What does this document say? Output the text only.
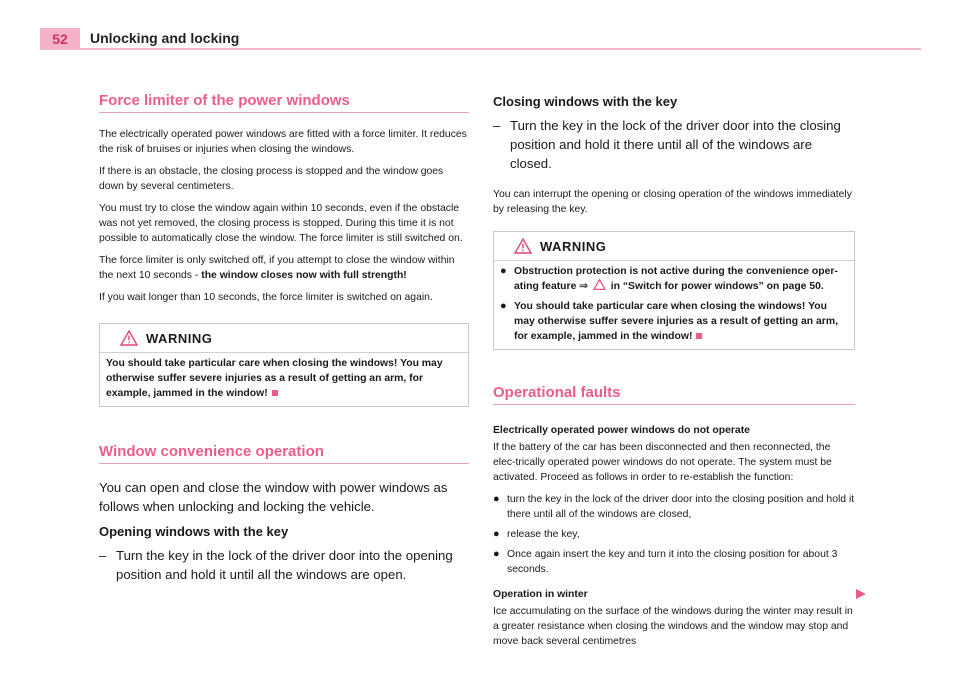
52	Unlocking and locking
Force limiter of the power windows

The electrically operated power windows are fitted with a force limiter. It reduces the risk of bruises or injuries when closing the windows.

If there is an obstacle, the closing process is stopped and the window goes down by several centimeters.

You must try to close the window again within 10 seconds, even if the obstacle was not yet removed, the closing process is stopped. During this time it is not possible to automatically close the window. The force limiter is still switched on.

The force limiter is only switched off, if you attempt to close the window within the next 10 seconds - the window closes now with full strength!

If you wait longer than 10 seconds, the force limiter is switched on again.

WARNING
You should take particular care when closing the windows! You may otherwise suffer severe injuries as a result of getting an arm, for example, jammed in the window!
Window convenience operation

You can open and close the window with power windows as follows when unlocking and locking the vehicle.

Opening windows with the key
– Turn the key in the lock of the driver door into the opening position and hold it until all the windows are open.
Closing windows with the key
– Turn the key in the lock of the driver door into the closing position and hold it there until all of the windows are closed.

You can interrupt the opening or closing operation of the windows immediately by releasing the key.

WARNING
● Obstruction protection is not active during the convenience oper-ating feature ⇒  in “Switch for power windows” on page 50.
● You should take particular care when closing the windows! You may otherwise suffer severe injuries as a result of getting an arm, for example, jammed in the window!
Operational faults
Electrically operated power windows do not operate

If the battery of the car has been disconnected and then reconnected, the elec-trically operated power windows do not operate. The system must be activated. Proceed as follows in order to re-establish the function:

● turn the key in the lock of the driver door into the closing position and hold it there until all of the windows are closed,
● release the key,
● Once again insert the key and turn it into the closing position for about 3 seconds.
Operation in winter

Ice accumulating on the surface of the windows during the winter may result in a greater resistance when closing the windows and the window may stop and move back several centimetres
